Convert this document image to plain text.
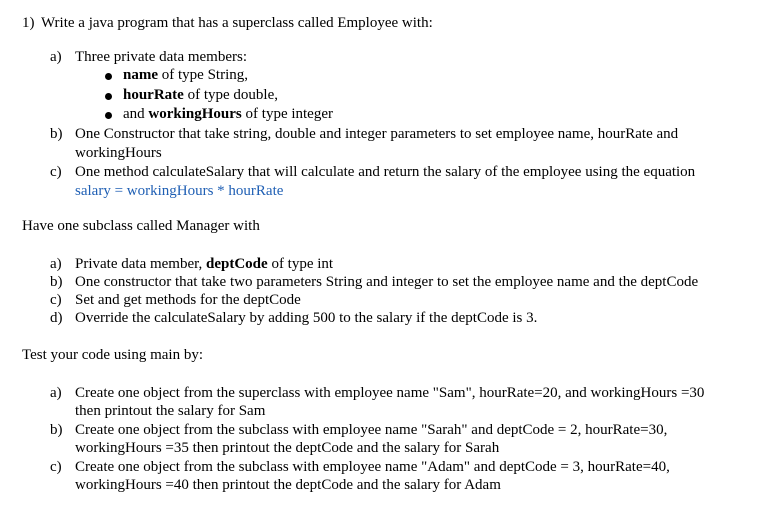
1) Write a java program that has a superclass called Employee with:
a) Three private data members:
name of type String,
hourRate of type double,
and workingHours of type integer
b) One Constructor that take string, double and integer parameters to set employee name, hourRate and
workingHours
c) One method calculateSalary that will calculate and return the salary of the employee using the equation
salary = workingHours * hourRate
Have one subclass called Manager with
a) Private data member, deptCode of type int
b) One constructor that take two parameters String and integer to set the employee name and the deptCode
c) Set and get methods for the deptCode
d) Override the calculateSalary by adding 500 to the salary if the deptCode is 3.
Test your code using main by:
a) Create one object from the superclass with employee name "Sam", hourRate=20, and workingHours =30
then printout the salary for Sam
b) Create one object from the subclass with employee name "Sarah" and deptCode = 2, hourRate=30,
workingHours =35 then printout the deptCode and the salary for Sarah
c) Create one object from the subclass with employee name "Adam" and deptCode = 3, hourRate=40,
workingHours =40 then printout the deptCode and the salary for Adam
